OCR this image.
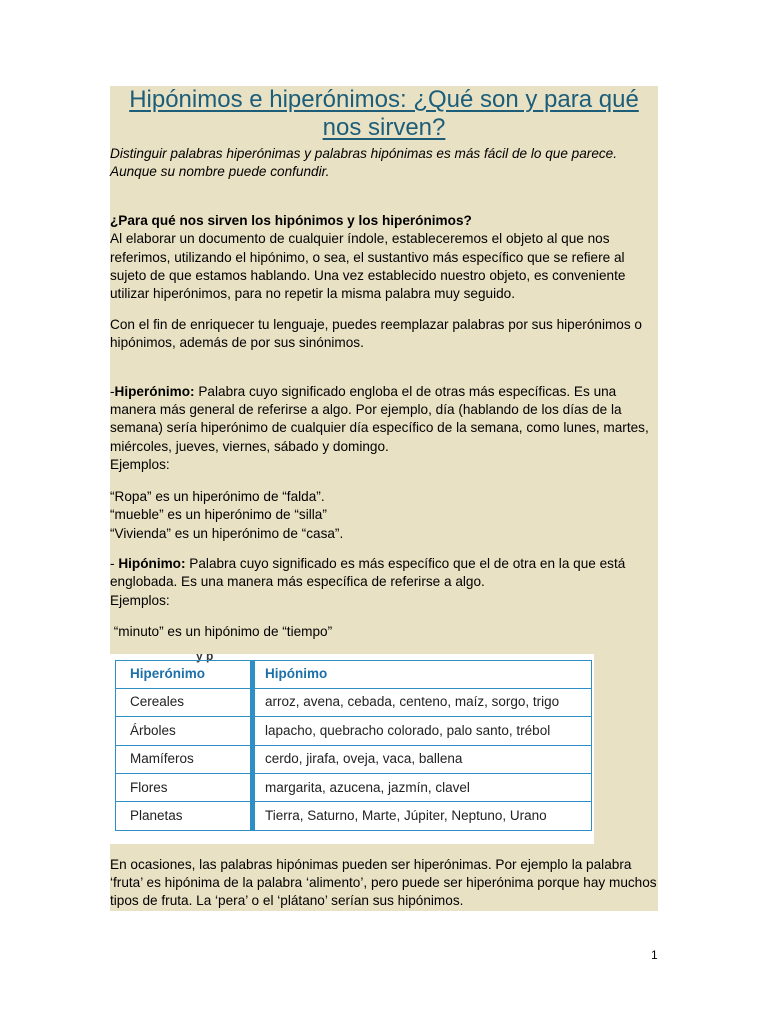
Hipónimos e hiperónimos: ¿Qué son y para qué nos sirven?

Distinguir palabras hiperónimas y palabras hipónimas es más fácil de lo que parece.

Aunque su nombre puede confundir.

¿Para qué nos sirven los hipónimos y los hiperónimos?

Al elaborar un documento de cualquier índole, estableceremos el objeto al que nos referimos, utilizando el hipónimo, o sea, el sustantivo más específico que se refiere al sujeto de que estamos hablando. Una vez establecido nuestro objeto, es conveniente utilizar hiperónimos, para no repetir la misma palabra muy seguido.

Con el fin de enriquecer tu lenguaje, puedes reemplazar palabras por sus hiperónimos o hipónimos, además de por sus sinónimos.

-Hiperónimo: Palabra cuyo significado engloba el de otras más específicas. Es una manera más general de referirse a algo. Por ejemplo, día (hablando de los días de la semana) sería hiperónimo de cualquier día específico de la semana, como lunes, martes, miércoles, jueves, viernes, sábado y domingo.

Ejemplos:

“Ropa” es un hiperónimo de “falda”.

“mueble” es un hiperónimo de “silla”

“Vivienda” es un hiperónimo de “casa”.

- Hipónimo: Palabra cuyo significado es más específico que el de otra en la que está englobada. Es una manera más específica de referirse a algo.

Ejemplos:

“minuto” es un hipónimo de “tiempo”

y p
Hiperónimo	Hipónimo
Cereales	arroz, avena, cebada, centeno, maíz, sorgo, trigo
Árboles	lapacho, quebracho colorado, palo santo, trébol
Mamíferos	cerdo, jirafa, oveja, vaca, ballena
Flores	margarita, azucena, jazmín, clavel
Planetas	Tierra, Saturno, Marte, Júpiter, Neptuno, Urano

En ocasiones, las palabras hipónimas pueden ser hiperónimas. Por ejemplo la palabra ‘fruta’ es hipónima de la palabra ‘alimento’, pero puede ser hiperónima porque hay muchos tipos de fruta. La ‘pera’ o el ‘plátano’ serían sus hipónimos.

1
